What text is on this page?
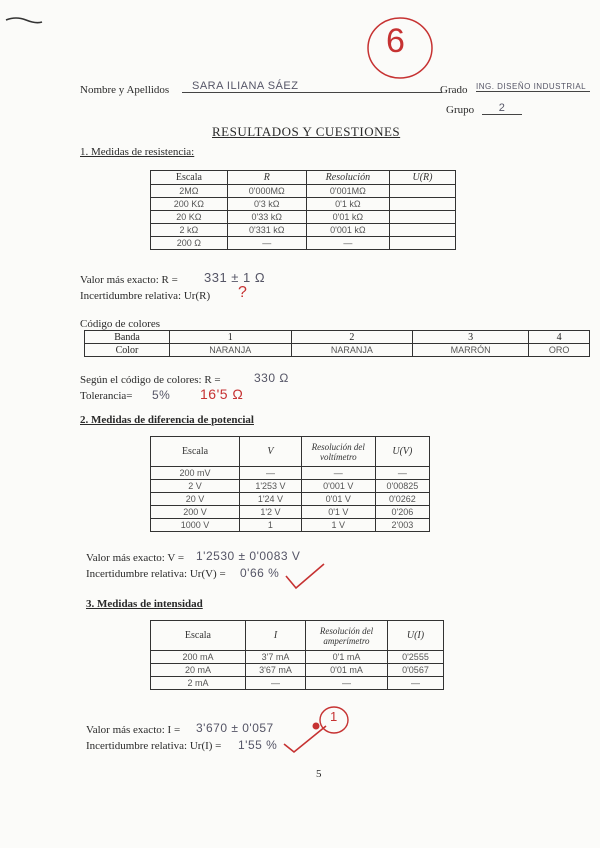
6
Nombre y Apellidos	SARA ILIANA SÁEZ	Grado ING. DISEÑO INDUSTRIAL
Grupo	2
RESULTADOS Y CUESTIONES
1. Medidas de resistencia:
Escala	R	Resolución	U(R)
2MΩ	0'000MΩ	0'001MΩ	
200 KΩ	0'3 kΩ	0'1 kΩ	
20 KΩ	0'33 kΩ	0'01 kΩ	
2 kΩ	0'331 kΩ	0'001 kΩ	
200 Ω	—	—	
Valor más exacto: R = 331 ± 1 Ω
Incertidumbre relativa: Ur(R) ?
Código de colores
Banda	1	2	3	4
Color	NARANJA	NARANJA	MARRÓN	ORO
Según el código de colores: R =	330 Ω
Tolerancia= 5% 16'5 Ω
2. Medidas de diferencia de potencial
Escala	V	Resolución del voltímetro	U(V)
200 mV	—	—	—
2 V	1'253 V	0'001 V	0'00825
20 V	1'24 V	0'01 V	0'0262
200 V	1'2 V	0'1 V	0'206
1000 V	1	1 V	2'003
Valor más exacto: V = 1'2530 ± 0'0083 V
Incertidumbre relativa: Ur(V) = 0'66 %
3. Medidas de intensidad
Escala	I	Resolución del amperímetro	U(I)
200 mA	3'7 mA	0'1 mA	0'2555
20 mA	3'67 mA	0'01 mA	0'0567
2 mA	—	—	—
Valor más exacto: I = 3'670 ± 0'057
1
Incertidumbre relativa: Ur(I) = 1'55 %
5
